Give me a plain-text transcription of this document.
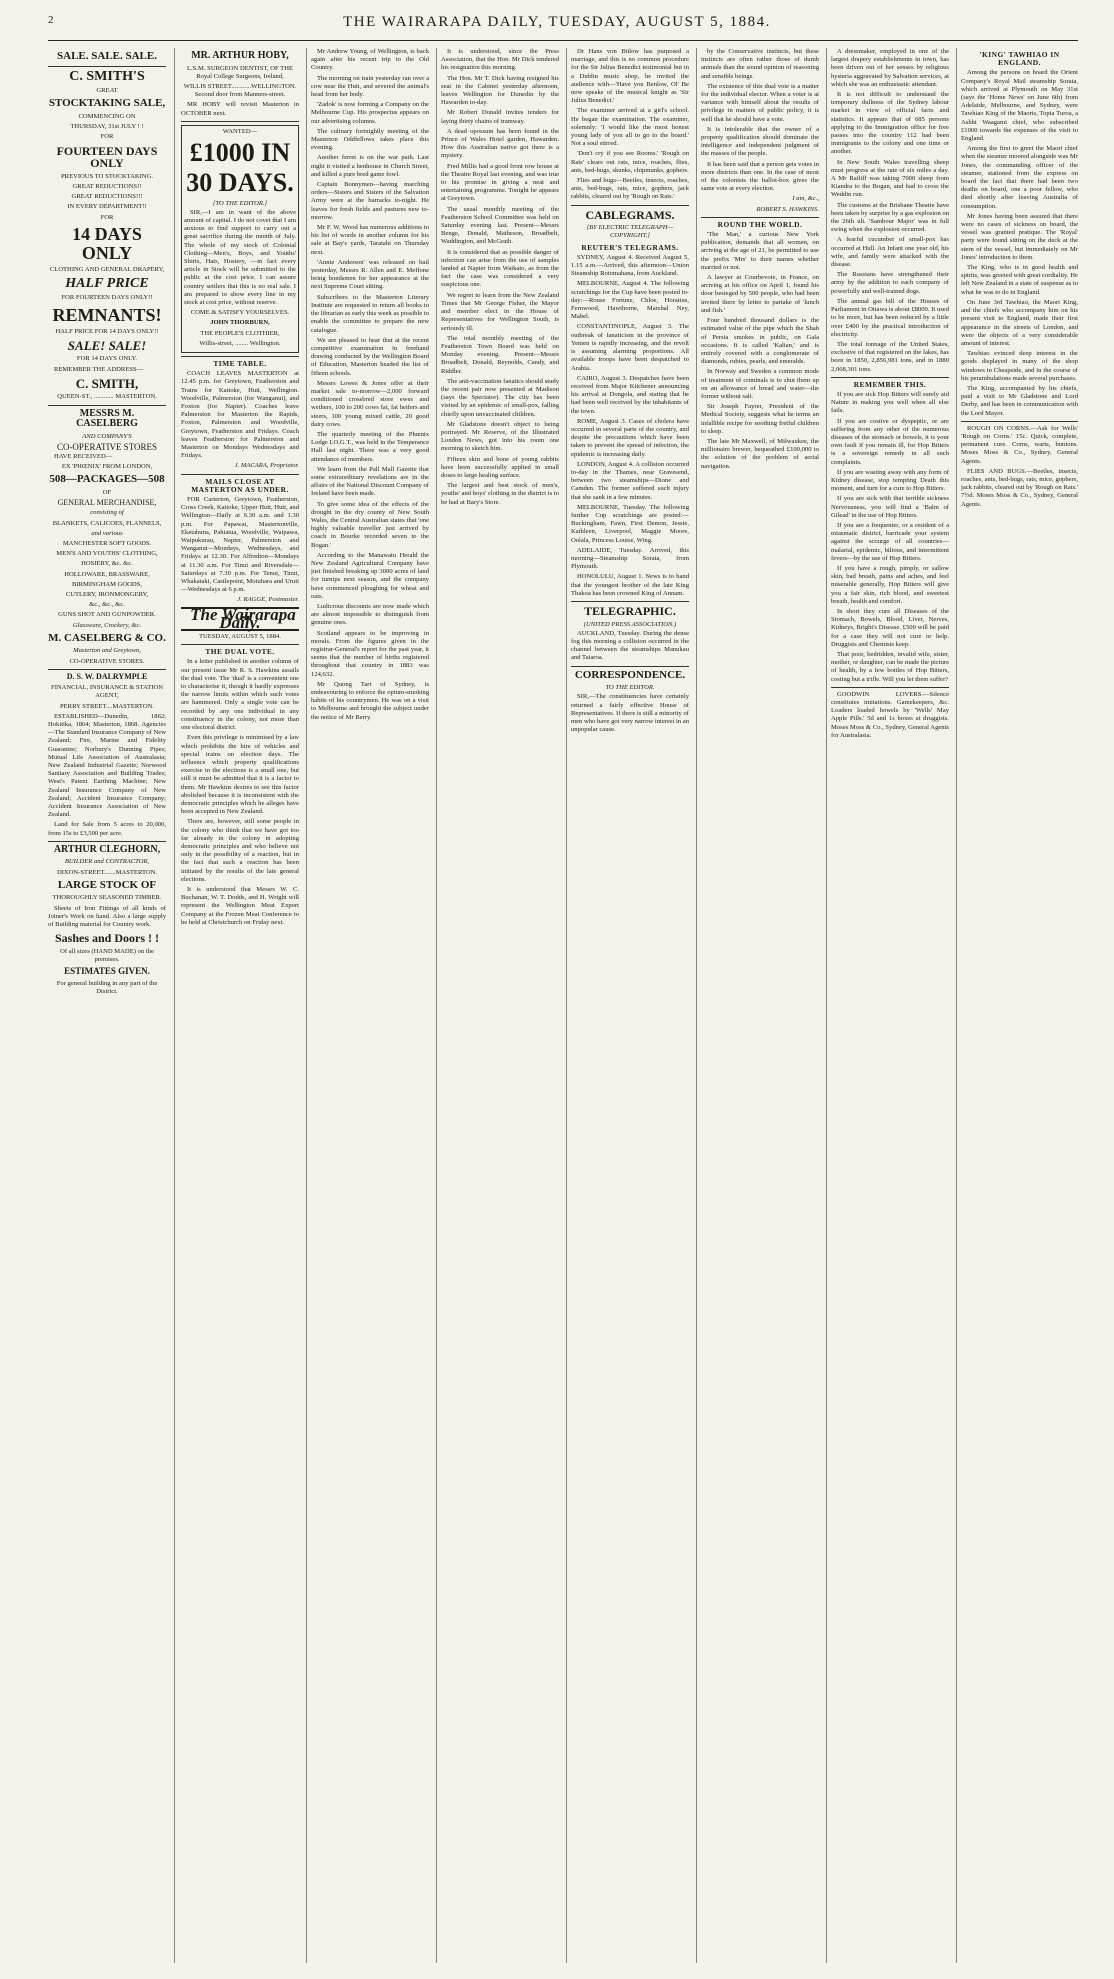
2	THE WAIRARAPA DAILY, TUESDAY, AUGUST 5, 1884.

SALE. SALE. SALE.

C. SMITH'S

GREAT

STOCKTAKING SALE,

COMMENCING ON

THURSDAY, 31st JULY ! !

FOR

FOURTEEN DAYS ONLY

PREVIOUS TO STOCKTAKING.

GREAT REDUCTIONS!!

GREAT REDUCTIONS!!!

IN EVERY DEPARTMENT!!

FOR

14 DAYS ONLY

CLOTHING AND GENERAL DRAPERY,

HALF PRICE

FOR FOURTEEN DAYS ONLY!!

REMNANTS!

HALF PRICE FOR 14 DAYS ONLY!!

SALE! SALE!

FOR 14 DAYS ONLY.

REMEMBER THE ADDRESS—

C. SMITH,

QUEEN-ST., ............ MASTERTON.

MESSRS M. CASELBERG

AND COMPANY'S

CO-OPERATIVE STORES

HAVE RECEIVED—

EX 'PHŒNIX' FROM LONDON,

508—PACKAGES—508

OF

GENERAL MERCHANDISE,

consisting of

BLANKETS, CALICOES, FLANNELS,

and various

MANCHESTER SOFT GOODS.

MEN'S AND YOUTHS' CLOTHING,

HOSIERY, &c. &c.

HOLLOWARE, BRASSWARE,

BIRMINGHAM GOODS,

CUTLERY, IRONMONGERY,

&c., &c., &c.

GUNS SHOT AND GUNPOWDER.

Glassware, Crockery, &c.

M. CASELBERG & CO.

Masterton and Greytown,

CO-OPERATIVE STORES.

D. S. W. DALRYMPLE

FINANCIAL, INSURANCE & STATION AGENT,

PERRY STREET....MASTERTON.

ESTABLISHED—Dunedin, 1862; Hokitika, 1864; Masterton, 1868. Agencies—The Standard Insurance Company of New Zealand; Fire, Marine and Fidelity Guarantee; Norbury's Dunning Pipes; Mutual Life Association of Australasia; New Zealand Industrial Gazette; Norwood Sanitary Association and Building Trades; West's Patent Earthing Machine; New Zealand Insurance Company of New Zealand; Accident Insurance Company; Accident Insurance Association of New Zealand.

Land for Sale from 5 acres to 20,000, from 15s to £3,500 per acre.

ARTHUR CLEGHORN,

BUILDER and CONTRACTOR,

DIXON-STREET.......MASTERTON.

LARGE STOCK OF

THOROUGHLY SEASONED TIMBER.

Sheets of Iron Fittings of all kinds of Joiner's Work on hand. Also a large supply of Building material for Country work.

Sashes and Doors ! !

Of all sizes (HAND MADE) on the premises.

ESTIMATES GIVEN.

For general building in any part of the District.

MR. ARTHUR HOBY,

L.S.M. SURGEON DENTIST, OF THE Royal College Surgeons, Ireland,

WILLIS STREET............WELLINGTON. Second door from Manners-street.

MR HOBY will revisit Masterton in OCTOBER next.

WANTED—

£1000 IN

30 DAYS.

[TO THE EDITOR.]

SIR,—I am in want of the above amount of capital. I do not covet that I am anxious to find support to carry out a great sacrifice during the month of July. The whole of my stock of Colonial Clothing—Men's, Boys, and Youths' Shirts, Hats, Hosiery, —in fact every article in Stock will be submitted to the public at the cost price. I can assure country settlers that this is no real sale. I am prepared to show every line in my stock at cost price, without reserve.

COME & SATISFY YOURSELVES.

JOHN THORBURN,

THE PEOPLE'S CLOTHIER,

Willis-street, ........ Wellington.

TIME TABLE.

COACH LEAVES MASTERTON at 12.45 p.m. for Greytown, Featherston and Trains for Kaitoke, Hutt, Wellington. Woodville, Palmerston (for Wanganui), and Foxton (for Napier). Coaches leave Palmerston for Masterton the Rapids, Foxton, Palmerston and Woodville, Greytown, Featherston and Fridays. Coach leaves Featherston for Palmerston and Masterton on Mondays Wednesdays and Fridays.

J. MACARA, Proprietor.

MAILS CLOSE AT MASTERTON AS UNDER.

FOR Carterton, Greytown, Featherston, Cross Creek, Kaitoke, Upper Hutt, Hutt, and Wellington—Daily at 6.30 a.m. and 1.30 p.m. For Papawai, Mastertonville, Eketahuna, Pahiatua, Woodville, Waipawa, Waipukurau, Napier, Palmerston and Wanganui—Mondays, Wednesdays, and Fridays at 12.30. For Alfredton—Mondays at 11.30 a.m. For Tinui and Riversdale—Saturdays at 7.30 p.m. For Tenui, Tinui, Whakataki, Castlepoint, Motuhara and Uruti—Wednesdays at 6 p.m.

J. RAGGE, Postmaster.

The Wairarapa Daily.

TUESDAY, AUGUST 5, 1884.

THE DUAL VOTE.

In a letter published in another column of our present issue Mr R. S. Hawkins assails the dual vote. The 'dual' is a convenient one to characterise it, though it hardly expresses the narrow limits within which such votes are hammered. Only a single vote can be recorded by any one individual in any constituency in the colony, not more than one electoral district.

Even this privilege is minimised by a law which prohibits the hire of vehicles and special trains on election days. The influence which property qualifications exercise in the elections is a small one, but still it must be admitted that it is a factor to them. Mr Hawkins desires to see this factor abolished because it is inconsistent with the democratic principles which he alleges have been accepted in New Zealand.

There are, however, still some people in the colony who think that we have got too far already in the colony in adopting democratic principles and who believe not only in the possibility of a reaction, but in the fact that such a reaction has been initiated by the results of the late general elections.

It is understood that Messrs W. C. Buchanan, W. T. Dodds, and H. Wright will represent the Wellington Meat Export Company at the Frozen Meat Conference to be held at Christchurch on Friday next.

Mr Andrew Young, of Wellington, is back again after his recent trip to the Old Country.

The morning on train yesterday ran over a cow near the Hutt, and severed the animal's head from her body.

'Zadok' is now forming a Company on the Melbourne Cup. His prospectus appears on our advertising columns.

The culinary fortnightly meeting of the Masterton Oddfellows takes place this evening.

Another ferret is on the war path. Last night it visited a henhouse in Church Street, and killed a pure bred game fowl.

Captain Bonnymen—having marching orders—Sisters and Sisters of the Salvation Army were at the barracks to-night. He leaves for fresh fields and pastures new to-morrow.

Mr F. W. Wood has numerous additions to his list of words in another column for his sale at Bay's yards, Taratahi on Thursday next.

'Annie Anderson' was released on bail yesterday, Messrs R. Allen and E. Meffone being bondsmen for her appearance at the next Supreme Court sitting.

Subscribers to the Masterton Literary Institute are requested to return all books to the librarian as early this week as possible to enable the committee to prepare the new catalogue.

We are pleased to hear that at the recent competitive examination in freehand drawing conducted by the Wellington Board of Education, Masterton headed the list of fifteen schools.

Messrs Lowes & Jones offer at their market sale to-morrow—2,000 forward conditioned crossbred store ewes and wethers, 100 to 200 cows fat, fat heifers and steers, 100 young mixed cattle, 20 good dairy cows.

The quarterly meeting of the Phœnix Lodge I.O.G.T., was held in the Temperance Hall last night. There was a very good attendance of members.

We learn from the Pall Mall Gazette that some extraordinary revelations are in the affairs of the National Discount Company of Ireland have been made.

To give some idea of the effects of the drought in the dry county of New South Wales, the Central Australian states that 'one highly valuable traveller just arrived by coach in Bourke recorded seven to the Bogan.'

According to the Manawatu Herald the New Zealand Agricultural Company have just finished breaking up 3000 acres of land for turnips next season, and the company have commenced ploughing for wheat and oats.

Ludicrous discounts are now made which are almost impossible to distinguish from genuine ones.

Scotland appears to be improving in morals. From the figures given in the registrar-General's report for the past year, it seems that the number of births registered throughout that country in 1883 was 124,632.

Mr Quong Tart of Sydney, is endeavouring to enforce the opium-smoking habits of his countrymen. He was on a visit to Melbourne and brought the subject under the notice of Mr Berry.

It is understood, since the Press Association, that the Hon. Mr Dick tendered his resignation this morning.

The Hon. Mr T. Dick having resigned his seat in the Cabinet yesterday afternoon, leaves Wellington for Dunedin by the Hawarden to-day.

Mr Robert Donald invites tenders for laying thirty chains of tramway.

A dead opossum has been found in the Prince of Wales Hotel garden, Hawarden. How this Australian native got there is a mystery.

Fred Millis had a good front row house at the Theatre Royal last evening, and was true to his promise in giving a neat and entertaining programme. Tonight he appears at Greytown.

The usual monthly meeting of the Featherston School Committee was held on Saturday evening last. Present—Messrs Benge, Donald, Matheson, Broadbelt, Waddington, and McGrath.

It is considered that as possible danger of infection can arise from the use of samples landed at Napier from Waikato, as from the fact the case was considered a very suspicious one.

We regret to learn from the New Zealand Times that Mr George Fisher, the Mayor and member elect in the House of Representatives for Wellington South, is seriously ill.

The total monthly meeting of the Featherston Town Board was held on Monday evening. Present—Messrs Broadbelt, Donald, Reynolds, Candy, and Riddler.

The anti-vaccination fanatics should study the recent pair now presented at Madison (says the Spectator). The city has been visited by an epidemic of small-pox, falling chiefly upon unvaccinated children.

Mr Gladstone doesn't object to being portrayed. Mr Reserve, of the Illustrated London News, got into his room one morning to sketch him.

Fifteen skin and bone of young rabbits have been successfully applied in small doses to large healing surface.

The largest and best stock of men's, youths' and boys' clothing in the district is to be had at Bary's Store.

Dr Hans von Bülow has purposed a marriage, and this is no common procedure for the Sir Julius Benedict testimonial but in a Dublin music shop, he invited the audience with—'Have you Benlow, Ol' Be now speaks of the musical knight as 'Sir Julius Benedict.'

The examiner arrived at a girl's school. He began the examination. The examiner, solemnly: 'I would like the most honest young lady of you all to go to the board.' Not a soul stirred.

'Don't cry if you see Rooms.' 'Rough on Rats' clears out rats, mice, roaches, flies, ants, bed-bugs, skunks, chipmunks, gophers.

Flies and bugs—Beetles, insects, roaches, ants, bed-bugs, rats, mice, gophers, jack rabbits, cleared out by 'Rough on Rats.'

CABLEGRAMS.

[BY ELECTRIC TELEGRAPH—COPYRIGHT.]

REUTER'S TELEGRAMS.

SYDNEY, August 4. Received August 5, 1.15 a.m.—Arrived, this afternoon—Union Steamship Rotomahana, from Auckland.

MELBOURNE, August 4. The following scratchings for the Cup have been posted to-day:—Rouse Fortune, Chloe, Horatius, Fernwood, Hawthorne, Marshal Ney, Mabel.

CONSTANTINOPLE, August 3. The outbreak of fanaticism in the province of Yemen is rapidly increasing, and the revolt is assuming alarming proportions. All available troops have been despatched to Arabia.

CAIRO, August 3. Despatches have been received from Major Kitchener announcing his arrival at Dongola, and stating that he had been well received by the inhabitants of the town.

ROME, August 3. Cases of cholera have occurred in several parts of the country, and despite the precautions which have been taken to prevent the spread of infection, the epidemic is increasing daily.

LONDON, August 4. A collision occurred to-day in the Thames, near Gravesend, between two steamships—Dione and Camden. The former suffered such injury that she sank in a few minutes.

MELBOURNE, Tuesday. The following further Cup scratchings are posted:—Buckingham, Fawn, First Demon, Jessie, Kathleen, Liverpool, Maggie Moore, Oolala, Princess Louise, Wing.

ADELAIDE, Tuesday. Arrived, this morning—Steamship Sorata, from Plymouth.

HONOLULU, August 1. News is to hand that the youngest brother of the late King Thakoa has been crowned King of Annam.

TELEGRAPHIC.

(UNITED PRESS ASSOCIATION.)

AUCKLAND, Tuesday. During the dense fog this morning a collision occurred in the channel between the steamships Manukau and Taiaroa.

CORRESPONDENCE.

TO THE EDITOR.

SIR,—The constituencies have certainly returned a fairly effective House of Representatives. If there is still a minority of men who have got very narrow interest in an unpopular cause.

by the Conservative instincts, but these instincts are often rather those of dumb animals than the sound opinion of reasoning and sensible beings.

The existence of this dual vote is a matter for the individual elector. When a voter is at variance with himself about the results of privilege in matters of public policy, it is well that he should have a vote.

It is intolerable that the owner of a property qualification should dominate the intelligence and independent judgment of the masses of the people.

It has been said that a person gets votes in more districts than one. In the case of most of the colonists the ballot-box gives the same vote at every election.

I am, &c.,

ROBERT S. HAWKINS.

ROUND THE WORLD.

'The Man,' a curious New York publication, demands that all women, on arriving at the age of 21, be permitted to use the prefix 'Mrs' to their names whether married or not.

A lawyer at Courbevoie, in France, on arriving at his office on April 1, found his door besieged by 500 people, who had been invited there by letter to partake of 'lunch and fish.'

Four hundred thousand dollars is the estimated value of the pipe which the Shah of Persia smokes in public, on Gala occasions. It is called 'Kalian,' and is entirely covered with a conglomerate of diamonds, rubies, pearls, and emeralds.

In Norway and Sweden a common mode of treatment of criminals is to shut them up on an allowance of bread and water—the former without salt.

Sir Joseph Fayrer, President of the Medical Society, suggests what he terms an infallible recipe for soothing fretful children to sleep.

The late Mr Maxwell, of Milwaukee, the millionaire brewer, bequeathed £100,000 to the solution of the problem of aerial navigation.

A dressmaker, employed in one of the largest drapery establishments in town, has been driven out of her senses by religious hysteria aggravated by Salvation services, at which she was an enthusiastic attendant.

It is not difficult to understand the temporary dullness of the Sydney labour market in view of official facts and statistics. It appears that of 685 persons applying to the Immigration office for free passes into the country 112 had been immigrants to the colony and one time or another.

In New South Wales travelling sheep must progress at the rate of six miles a day. A Mr Ratliff was taking 7000 sheep from Kiandra to the Bogan, and had to cross the Weddin run.

The customs at the Brisbane Theatre have been taken by surprise by a gas explosion on the 26th ult. 'Sambour Major' was in full swing when the explosion occurred.

A fearful cucumber of small-pox has occurred at Hull. An Infant one year old, his wife, and family were attacked with the disease.

The Russians have strengthened their army by the addition to each company of powerfully and well-trained dogs.

The annual gas bill of the Houses of Parliament in Ottawa is about £8000. It used to be more, but has been reduced by a little over £400 by the practical introduction of electricity.

The total tonnage of the United States, exclusive of that registered on the lakes, has been in 1850, 2,856,981 tons, and in 1880 2,068,301 tons.

REMEMBER THIS.

If you are sick Hop Bitters will surely aid Nature in making you well when all else fails.

If you are costive or dyspeptic, or are suffering from any other of the numerous diseases of the stomach or bowels, it is your own fault if you remain ill, for Hop Bitters is a sovereign remedy in all such complaints.

If you are wasting away with any form of Kidney disease, stop tempting Death this moment, and turn for a cure to Hop Bitters.

If you are sick with that terrible sickness Nervousness, you will find a 'Balm of Gilead' in the use of Hop Bitters.

If you are a frequenter, or a resident of a miasmatic district, barricade your system against the scourge of all countries—malarial, epidemic, bilious, and intermittent fevers—by the use of Hop Bitters.

If you have a rough, pimply, or sallow skin, bad breath, pains and aches, and feel miserable generally, Hop Bitters will give you a fair skin, rich blood, and sweetest breath, health and comfort.

In short they cure all Diseases of the Stomach, Bowels, Blood, Liver, Nerves, Kidneys, Bright's Disease. £500 will be paid for a case they will not cure or help. Druggists and Chemists keep.

That poor, bedridden, invalid wife, sister, mother, or daughter, can be made the picture of health, by a few bottles of Hop Bitters, costing but a trifle. Will you let them suffer?

GOODWIN LOVERS.—Silence constitutes imitations. Gamekeepers, &c. Loaders loaded bowels by 'Wells' May Apple Pills.' 5d and 1s boxes at druggists. Moses Moss & Co., Sydney, General Agents for Australasia.

'KING' TAWHIAO IN ENGLAND.

Among the persons on board the Orient Company's Royal Mail steamship Sorata, which arrived at Plymouth on May 31st (says the 'Home News' on June 6th) from Adelaide, Melbourne, and Sydney, were Tawhiao King of the Maoris, Topia Turoa, a Ashhi Waagami chief, who subscribed £1000 towards the expenses of the visit to England.

Among the first to greet the Maori chief when the steamer moored alongside was Mr Jones, the commanding officer of the steamer, stationed from the express on board the fact that there had been two deaths on board, one a poor fellow, who died shortly after leaving Australia of consumption.

Mr Jones having been assured that there were no cases of sickness on board, the vessel was granted pratique. The 'Royal' party were found sitting on the deck at the stern of the vessel, but immediately on Mr Jones' introduction to them.

The King, who is in good health and spirits, was greeted with great cordiality. He left New Zealand in a state of suspense as to what he was to do in England.

On June 3rd Tawhiao, the Maori King, and the chiefs who accompany him on his present visit to England, made their first appearance in the streets of London, and were the objects of a very considerable amount of interest.

Tawhiao evinced deep interest in the goods displayed in many of the shop windows in Cheapside, and in the course of his perambulations made several purchases.

The King, accompanied by his chiefs, paid a visit to Mr Gladstone and Lord Derby, and has been in communication with the Lord Mayor.

ROUGH ON CORNS.—Ask for Wells' 'Rough on Corns.' 15c. Quick, complete, permanent cure. Corns, warts, bunions. Moses Moss & Co., Sydney, General Agents.

FLIES AND BUGS.—Beetles, insects, roaches, ants, bed-bugs, rats, mice, gophers, jack rabbits, cleared out by 'Rough on Rats.' 7½d. Moses Moss & Co., Sydney, General Agents.
